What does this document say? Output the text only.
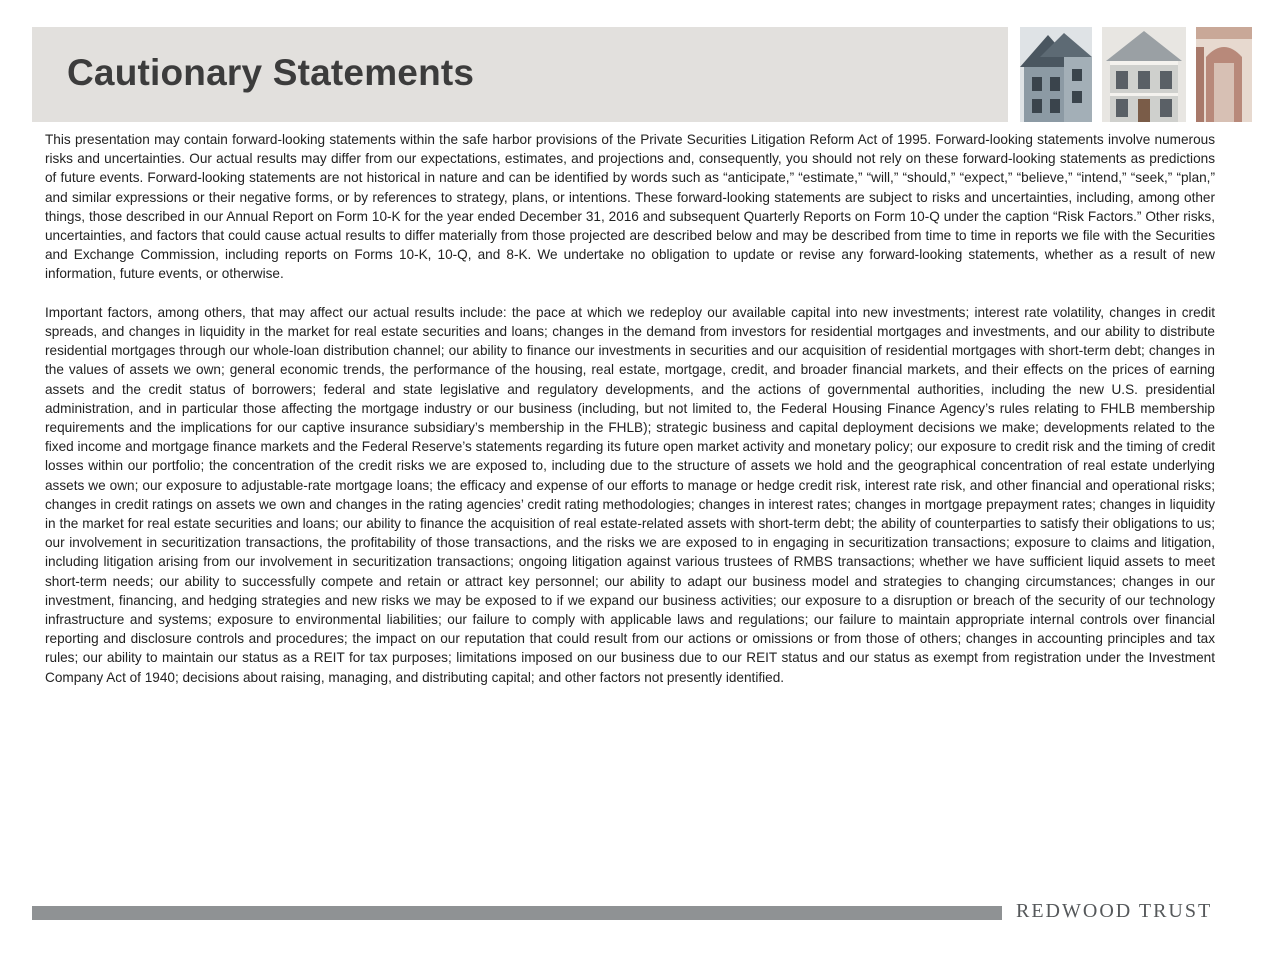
Cautionary Statements

This presentation may contain forward-looking statements within the safe harbor provisions of the Private Securities Litigation Reform Act of 1995. Forward-looking statements involve numerous risks and uncertainties. Our actual results may differ from our expectations, estimates, and projections and, consequently, you should not rely on these forward-looking statements as predictions of future events. Forward-looking statements are not historical in nature and can be identified by words such as “anticipate,” “estimate,” “will,” “should,” “expect,” “believe,” “intend,” “seek,” “plan,” and similar expressions or their negative forms, or by references to strategy, plans, or intentions. These forward-looking statements are subject to risks and uncertainties, including, among other things, those described in our Annual Report on Form 10-K for the year ended December 31, 2016 and subsequent Quarterly Reports on Form 10-Q under the caption “Risk Factors.” Other risks, uncertainties, and factors that could cause actual results to differ materially from those projected are described below and may be described from time to time in reports we file with the Securities and Exchange Commission, including reports on Forms 10-K, 10-Q, and 8-K. We undertake no obligation to update or revise any forward-looking statements, whether as a result of new information, future events, or otherwise.

Important factors, among others, that may affect our actual results include: the pace at which we redeploy our available capital into new investments; interest rate volatility, changes in credit spreads, and changes in liquidity in the market for real estate securities and loans; changes in the demand from investors for residential mortgages and investments, and our ability to distribute residential mortgages through our whole-loan distribution channel; our ability to finance our investments in securities and our acquisition of residential mortgages with short-term debt; changes in the values of assets we own; general economic trends, the performance of the housing, real estate, mortgage, credit, and broader financial markets, and their effects on the prices of earning assets and the credit status of borrowers; federal and state legislative and regulatory developments, and the actions of governmental authorities, including the new U.S. presidential administration, and in particular those affecting the mortgage industry or our business (including, but not limited to, the Federal Housing Finance Agency’s rules relating to FHLB membership requirements and the implications for our captive insurance subsidiary’s membership in the FHLB); strategic business and capital deployment decisions we make; developments related to the fixed income and mortgage finance markets and the Federal Reserve’s statements regarding its future open market activity and monetary policy; our exposure to credit risk and the timing of credit losses within our portfolio; the concentration of the credit risks we are exposed to, including due to the structure of assets we hold and the geographical concentration of real estate underlying assets we own; our exposure to adjustable-rate mortgage loans; the efficacy and expense of our efforts to manage or hedge credit risk, interest rate risk, and other financial and operational risks; changes in credit ratings on assets we own and changes in the rating agencies’ credit rating methodologies; changes in interest rates; changes in mortgage prepayment rates; changes in liquidity in the market for real estate securities and loans; our ability to finance the acquisition of real estate-related assets with short-term debt; the ability of counterparties to satisfy their obligations to us; our involvement in securitization transactions, the profitability of those transactions, and the risks we are exposed to in engaging in securitization transactions; exposure to claims and litigation, including litigation arising from our involvement in securitization transactions; ongoing litigation against various trustees of RMBS transactions; whether we have sufficient liquid assets to meet short-term needs; our ability to successfully compete and retain or attract key personnel; our ability to adapt our business model and strategies to changing circumstances; changes in our investment, financing, and hedging strategies and new risks we may be exposed to if we expand our business activities; our exposure to a disruption or breach of the security of our technology infrastructure and systems; exposure to environmental liabilities; our failure to comply with applicable laws and regulations; our failure to maintain appropriate internal controls over financial reporting and disclosure controls and procedures; the impact on our reputation that could result from our actions or omissions or from those of others; changes in accounting principles and tax rules; our ability to maintain our status as a REIT for tax purposes; limitations imposed on our business due to our REIT status and our status as exempt from registration under the Investment Company Act of 1940; decisions about raising, managing, and distributing capital; and other factors not presently identified.

REDWOOD TRUST
